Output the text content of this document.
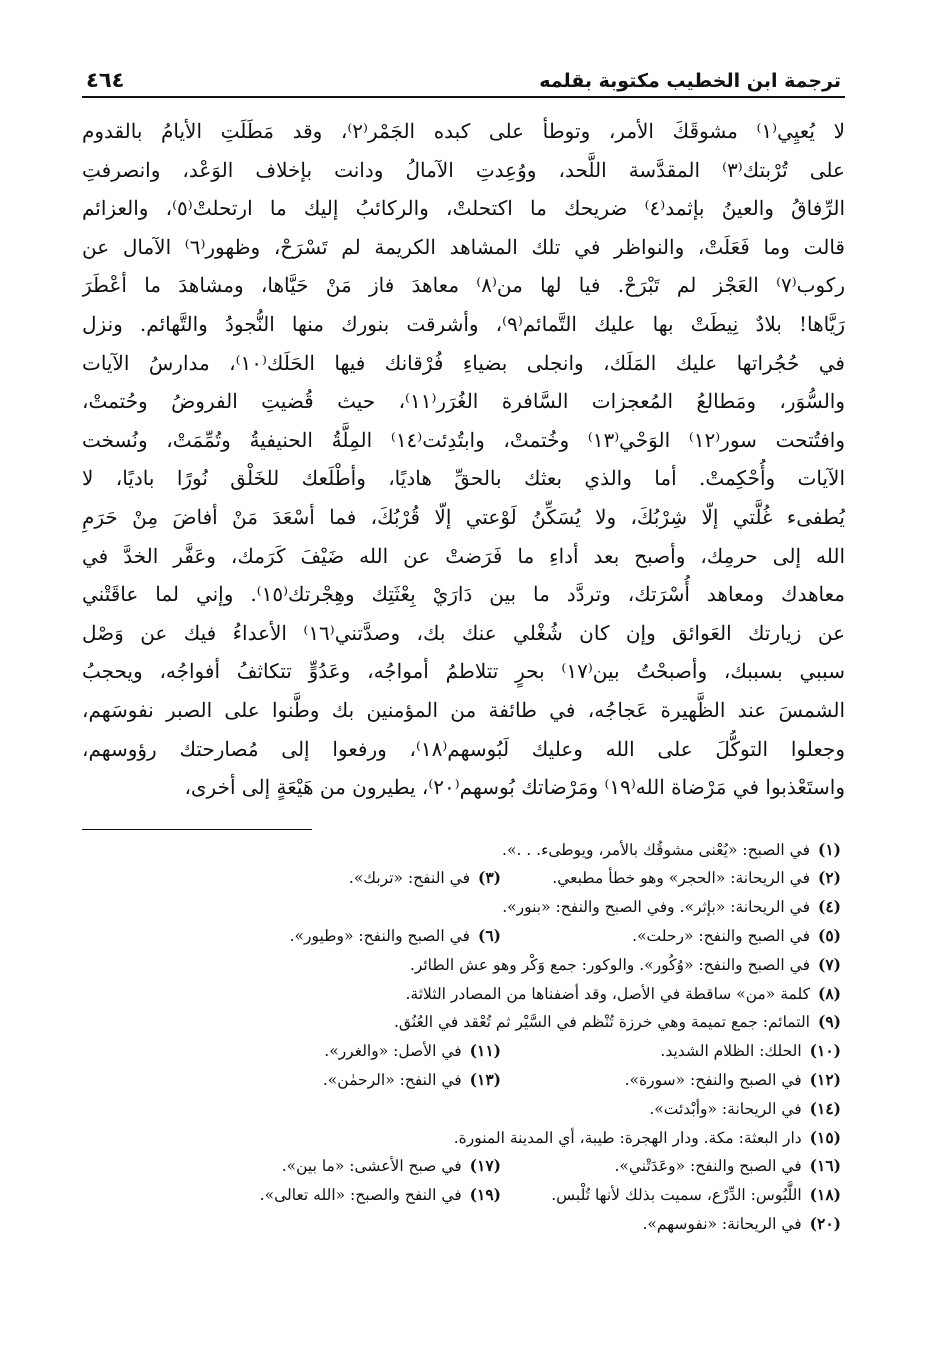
ترجمة ابن الخطيب مكتوبة بقلمه
٤٦٤
لا يُعيِي⁽١⁾ مشوقَكَ الأمر، وتوطأ على كبده الجَمْر⁽٢⁾، وقد مَطَلَتِ الأيامُ بالقدوم
على تُرْبتك⁽٣⁾ المقدَّسة اللَّحد، ووُعِدتِ الآمالُ ودانت بإخلاف الوَعْد، وانصرفتِ
الرِّفاقُ والعينُ بإثمد⁽٤⁾ ضريحك ما اكتحلتْ، والركائبُ إليك ما ارتحلتْ⁽٥⁾، والعزائم
قالت وما فَعَلَتْ، والنواظر في تلك المشاهد الكريمة لم تَسْرَحْ، وظهور⁽٦⁾ الآمال عن
ركوب⁽٧⁾ العَجْز لم تَبْرَحْ. فيا لها من⁽٨⁾ معاهدَ فاز مَنْ حَيَّاها، ومشاهدَ ما أعْطَرَ
رَيَّاها! بلادٌ نِيطَتْ بها عليك التَّمائم⁽٩⁾، وأشرقت بنورك منها النُّجودُ والتَّهائم. ونزل
في حُجُراتها عليك المَلَك، وانجلى بضياءِ فُرْقانك فيها الحَلَك⁽١٠⁾، مدارسُ الآيات
والسُّوَر، ومَطالعُ المُعجزات السَّافرة الغُرَر⁽١١⁾، حيث قُضيتِ الفروضُ وحُتمتْ،
وافتُتحت سور⁽١٢⁾ الوَحْي⁽١٣⁾ وخُتمتْ، وابتُدِئت⁽١٤⁾ المِلَّةُ الحنيفيةُ وتُمِّمَتْ، ونُسخت
الآيات وأُحْكِمتْ. أما والذي بعثك بالحقِّ هاديًا، وأطْلَعك للخَلْق نُورًا باديًا، لا
يُطفىء غُلَّتي إلّا شِرْبُكَ، ولا يُسَكِّنُ لَوْعتي إلّا قُرْبُكَ، فما أسْعَدَ مَنْ أفاضَ مِنْ حَرَمِ
الله إلى حرمِك، وأصبح بعد أداءِ ما فَرَضتْ عن الله ضَيْفَ كَرَمك، وعَفَّر الخدَّ في
معاهدك ومعاهد أُسْرَتك، وتردَّد ما بين دَارَيْ بِعْثَتِك وهِجْرتك⁽١٥⁾. وإني لما عاقَتْني
عن زيارتك العَوائق وإن كان شُغْلي عنك بك، وصدَّتني⁽١٦⁾ الأعداءُ فيك عن وَصْل
سببي بسببك، وأصبحْتُ بين⁽١٧⁾ بحرٍ تتلاطمُ أمواجُه، وعَدُوٍّ تتكاثفُ أفواجُه، ويحجبُ
الشمسَ عند الظَّهيرة عَجاجُه، في طائفة من المؤمنين بك وطَّنوا على الصبر نفوسَهم،
وجعلوا التوكُّلَ على الله وعليك لَبُوسهم⁽١٨⁾، ورفعوا إلى مُصارحتك رؤوسهم،
واستَعْذبوا في مَرْضاة الله⁽١٩⁾ ومَرْضاتك بُوسهم⁽٢٠⁾، يطيرون من هَيْعَةٍ إلى أخرى،
(١)في الصبح: «يُعْنى مشوقُك بالأمر، ويوطىء. . .».
(٢)في الريحانة: «الحجر» وهو خطأ مطبعي.
(٣)في النفح: «تربك».
(٤)في الريحانة: «بإثر». وفي الصبح والنفح: «بنور».
(٥)في الصبح والنفح: «رحلت».
(٦)في الصبح والنفح: «وطيور».
(٧)في الصبح والنفح: «وُكُور». والوكور: جمع وَكْر وهو عش الطائر.
(٨)كلمة «من» ساقطة في الأصل، وقد أضفناها من المصادر الثلاثة.
(٩)التمائم: جمع تميمة وهي خرزة تُنْظم في السَّيْر ثم تُعْقد في العُنُق.
(١٠)الحلك: الظلام الشديد.
(١١)في الأصل: «والغرر».
(١٢)في الصبح والنفح: «سورة».
(١٣)في النفح: «الرحمٰن».
(١٤)في الريحانة: «وأبْدئت».
(١٥)دار البعثة: مكة. ودار الهجرة: طيبة، أي المدينة المنورة.
(١٦)في الصبح والنفح: «وعَدَتْني».
(١٧)في صبح الأعشى: «ما بين».
(١٨)اللَّبُوس: الدِّرْع، سميت بذلك لأنها تُلْبس.
(١٩)في النفح والصبح: «الله تعالى».
(٢٠)في الريحانة: «نفوسهم».
